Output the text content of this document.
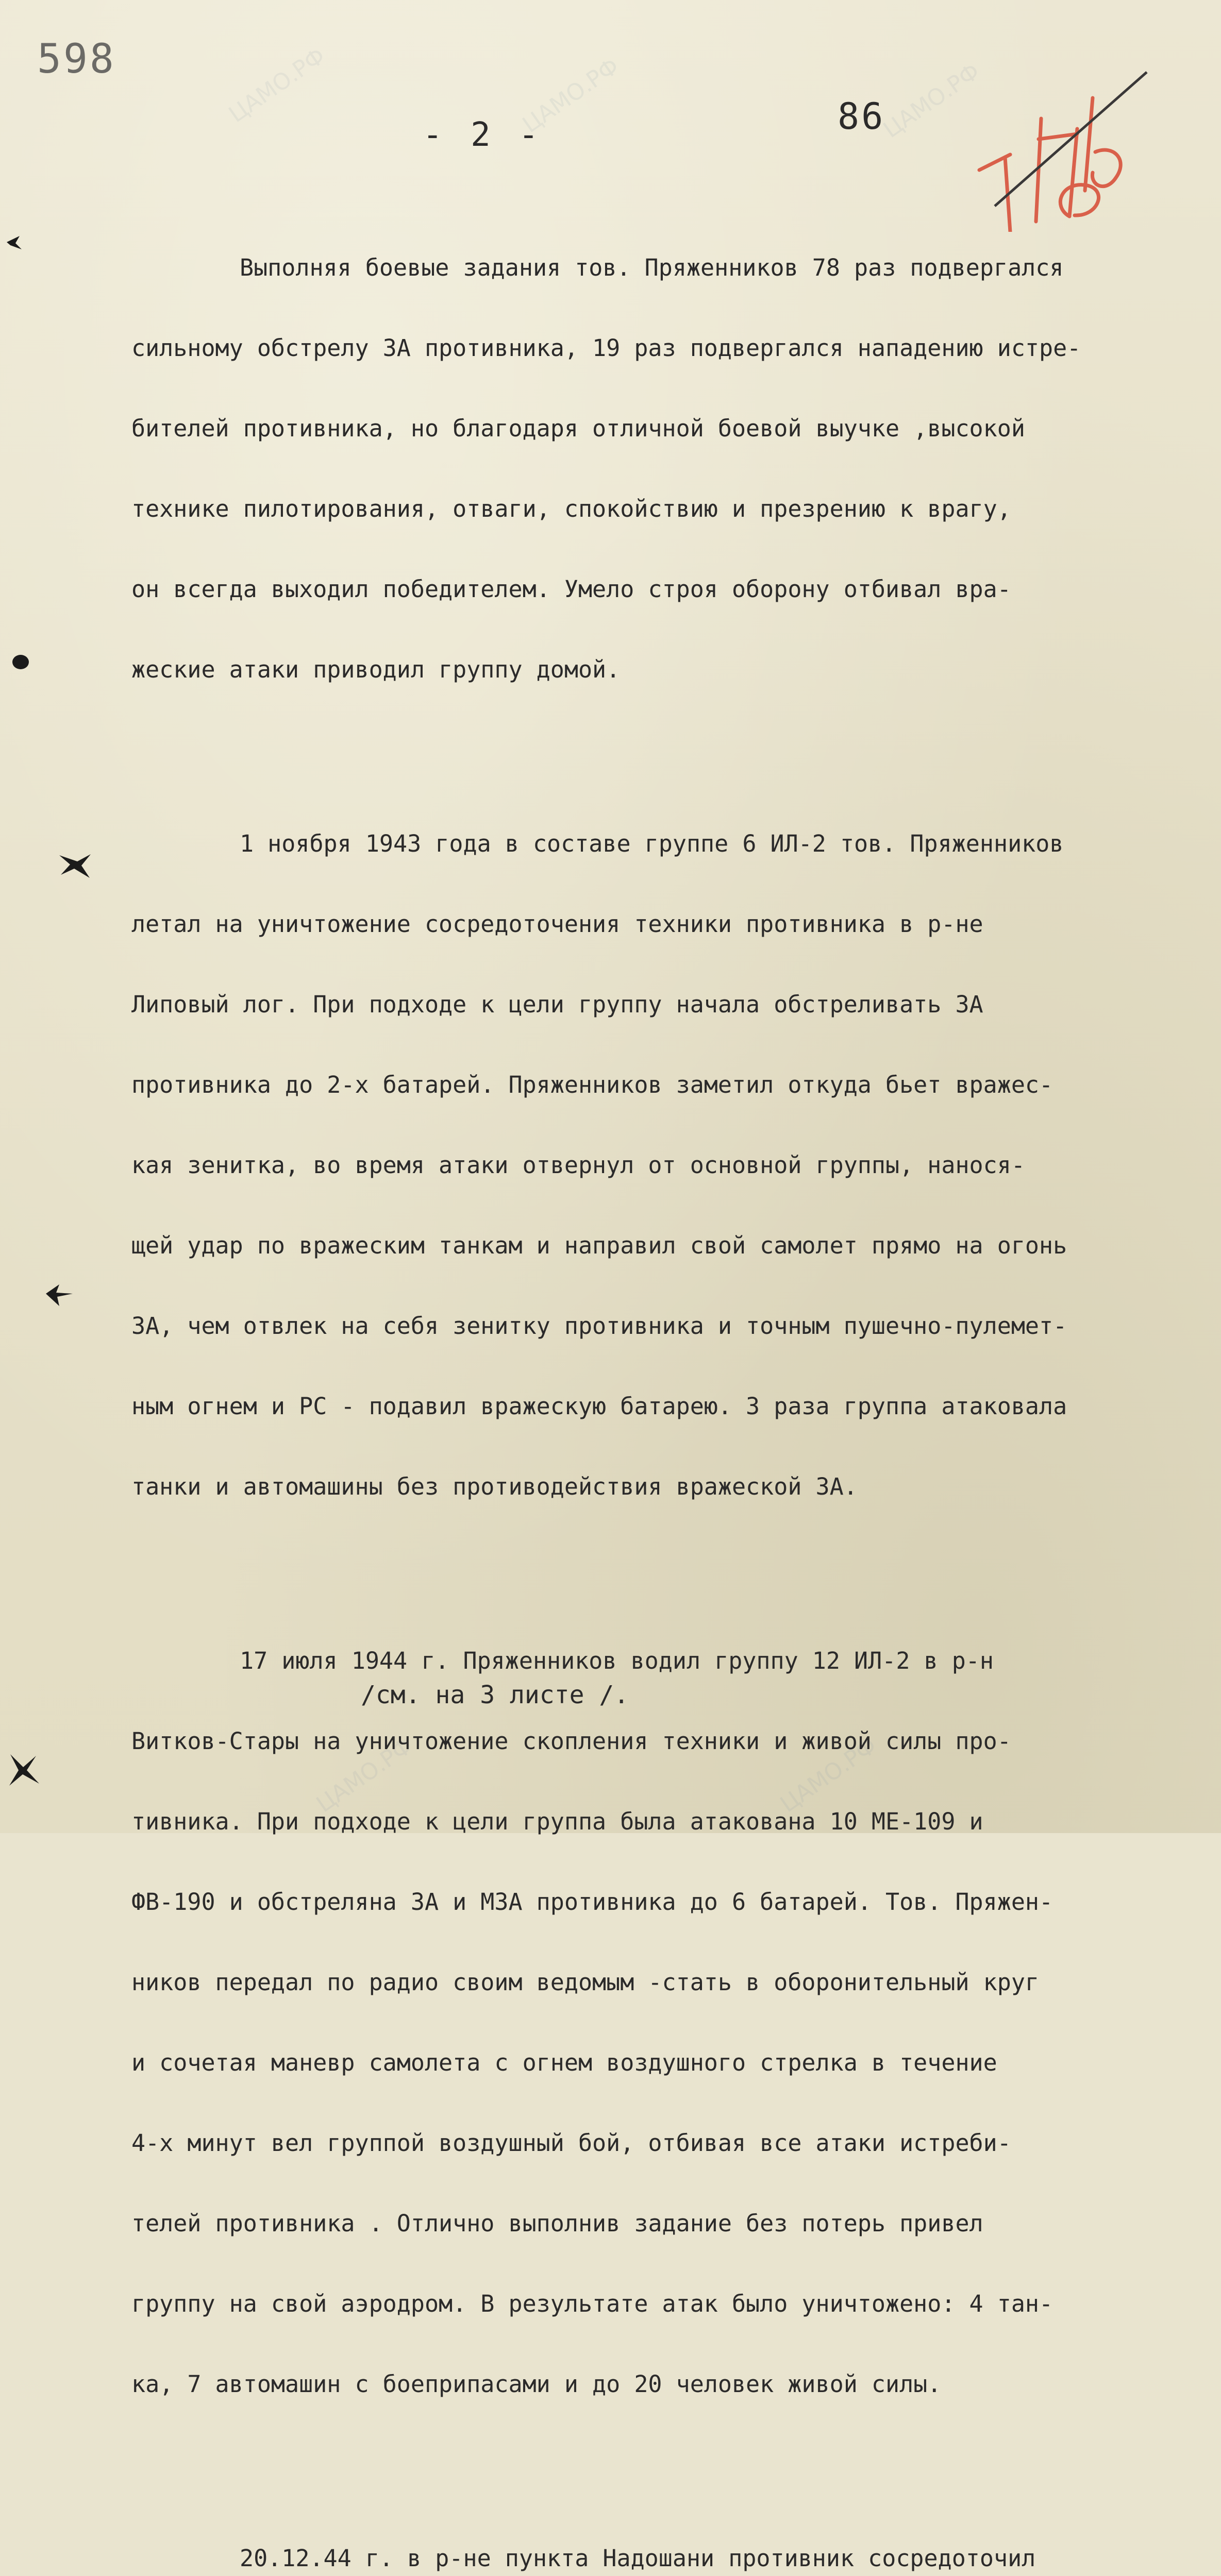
ЦАМО.РФ	ЦАМО.РФ	ЦАМО.РФ
ЦАМО.РФ	ЦАМО.РФ
598
- 2 -	86

Выполняя боевые задания тов. Пряженников 78 раз подвергался

сильному обстрелу ЗА противника, 19 раз подвергался нападению истре-

бителей противника, но благодаря отличной боевой выучке ,высокой

технике пилотирования, отваги, спокойствию и презрению к врагу,

он всегда выходил победителем. Умело строя оборону отбивал вра-

жеские атаки приводил группу домой.

1 ноября 1943 года в составе группе 6 ИЛ-2 тов. Пряженников

летал на уничтожение сосредоточения техники противника в р-не

Липовый лог. При подходе к цели группу начала обстреливать ЗА

противника до 2-х батарей. Пряженников заметил откуда бьет вражес-

кая зенитка, во время атаки отвернул от основной группы, нанося-

щей удар по вражеским танкам и направил свой самолет прямо на огонь

ЗА, чем отвлек на себя зенитку противника и точным пушечно-пулемет-

ным огнем и РС - подавил вражескую батарею. 3 раза группа атаковала

танки и автомашины без противодействия вражеской ЗА.

17 июля 1944 г. Пряженников водил группу 12 ИЛ-2 в р-н

Витков-Стары на уничтожение скопления техники и живой силы про-

тивника. При подходе к цели группа была атакована 10 МЕ-109 и

ФВ-190 и обстреляна ЗА и МЗА противника до 6 батарей. Тов. Пряжен-

ников передал по радио своим ведомым -стать в оборонительный круг

и сочетая маневр самолета с огнем воздушного стрелка в течение

4-х минут вел группой воздушный бой, отбивая все атаки истреби-

телей противника . Отлично выполнив задание без потерь привел

группу на свой аэродром. В результате атак было уничтожено: 4 тан-

ка, 7 автомашин с боеприпасами и до 20 человек живой силы.

20.12.44 г. в р-не пункта Надошани противник сосредоточил

/см. на 3 листе /.
